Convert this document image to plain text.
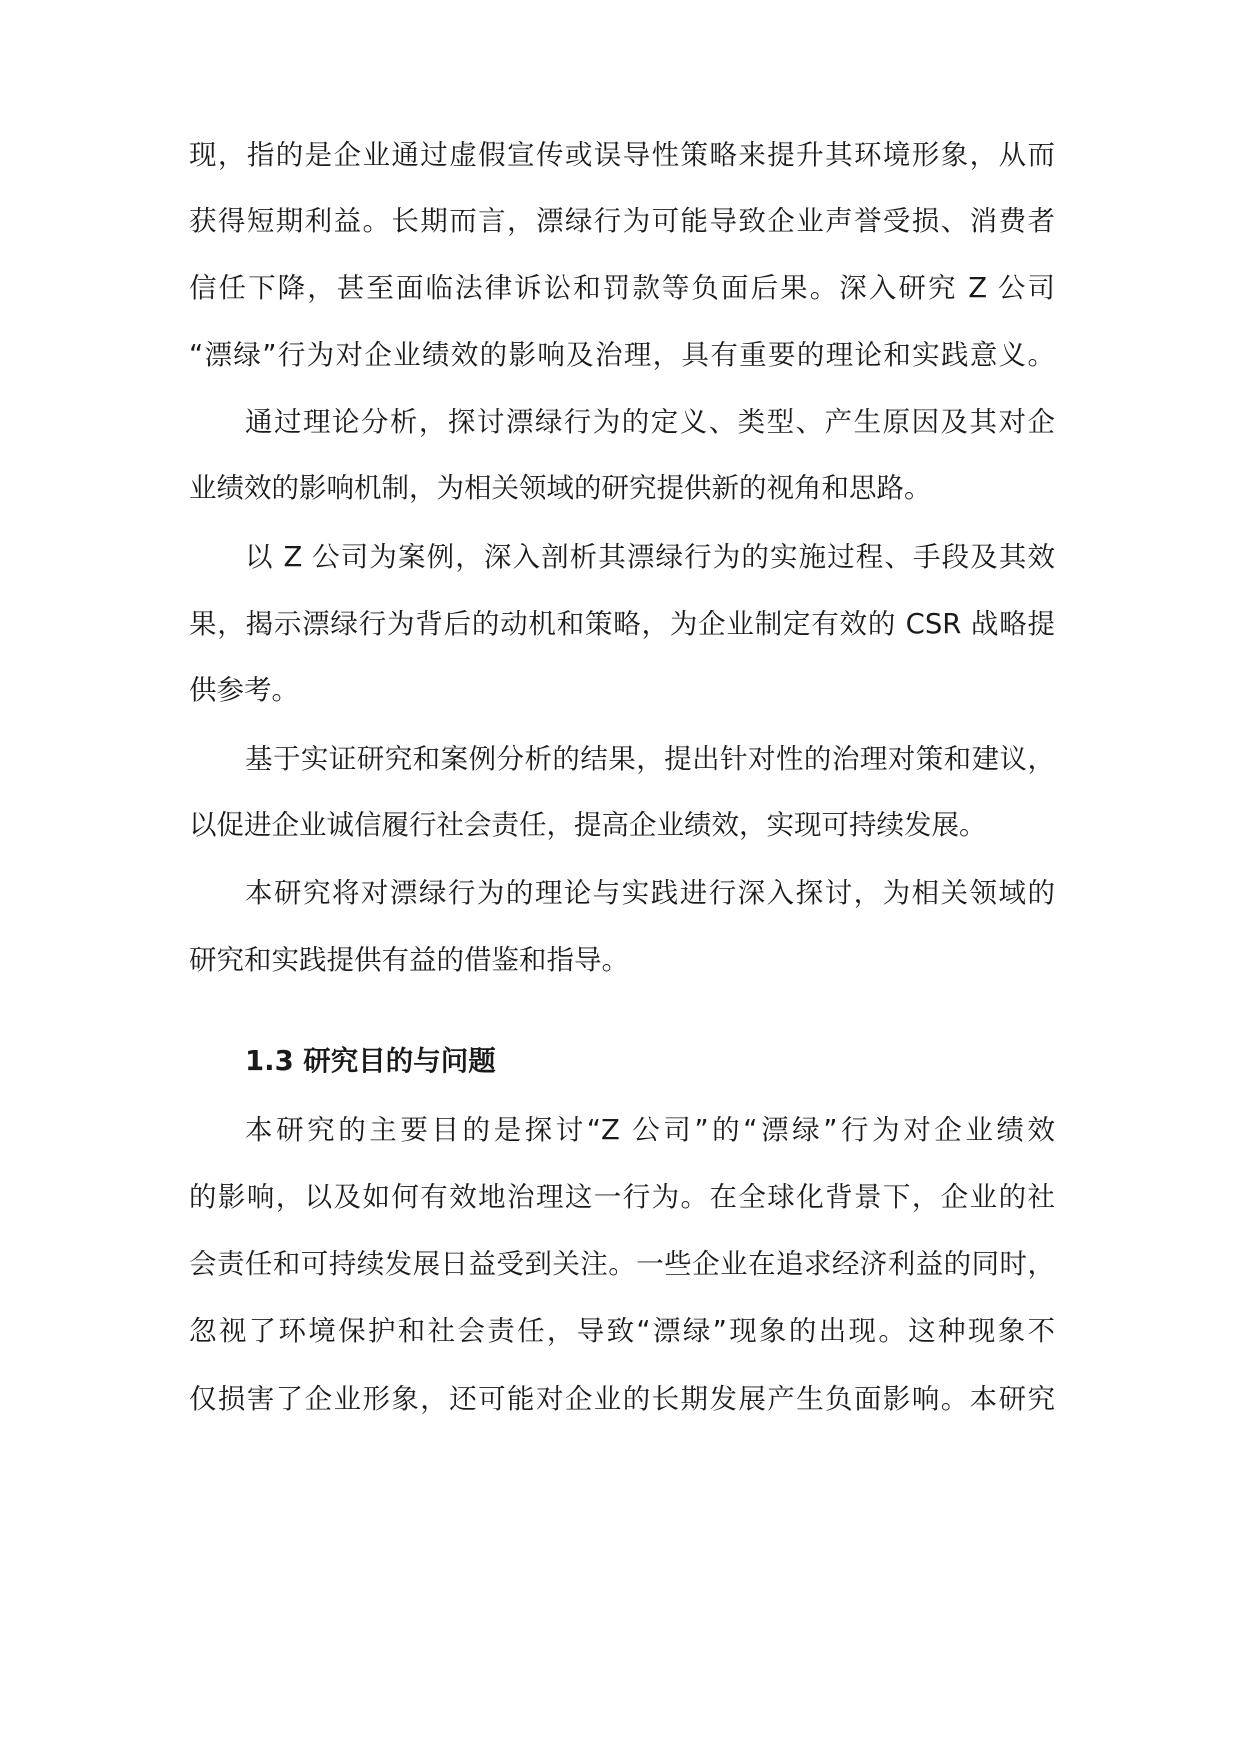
现，指的是企业通过虚假宣传或误导性策略来提升其环境形象，从而
获得短期利益。长期而言，漂绿行为可能导致企业声誉受损、消费者
信任下降，甚至面临法律诉讼和罚款等负面后果。深入研究 Z 公司
“漂绿”行为对企业绩效的影响及治理，具有重要的理论和实践意义。
通过理论分析，探讨漂绿行为的定义、类型、产生原因及其对企
业绩效的影响机制，为相关领域的研究提供新的视角和思路。
以 Z 公司为案例，深入剖析其漂绿行为的实施过程、手段及其效
果，揭示漂绿行为背后的动机和策略，为企业制定有效的 CSR 战略提
供参考。
基于实证研究和案例分析的结果，提出针对性的治理对策和建议，
以促进企业诚信履行社会责任，提高企业绩效，实现可持续发展。
本研究将对漂绿行为的理论与实践进行深入探讨，为相关领域的
研究和实践提供有益的借鉴和指导。
1.3 研究目的与问题
本研究的主要目的是探讨“Z 公司”的“漂绿”行为对企业绩效
的影响，以及如何有效地治理这一行为。在全球化背景下，企业的社
会责任和可持续发展日益受到关注。一些企业在追求经济利益的同时，
忽视了环境保护和社会责任，导致“漂绿”现象的出现。这种现象不
仅损害了企业形象，还可能对企业的长期发展产生负面影响。本研究
